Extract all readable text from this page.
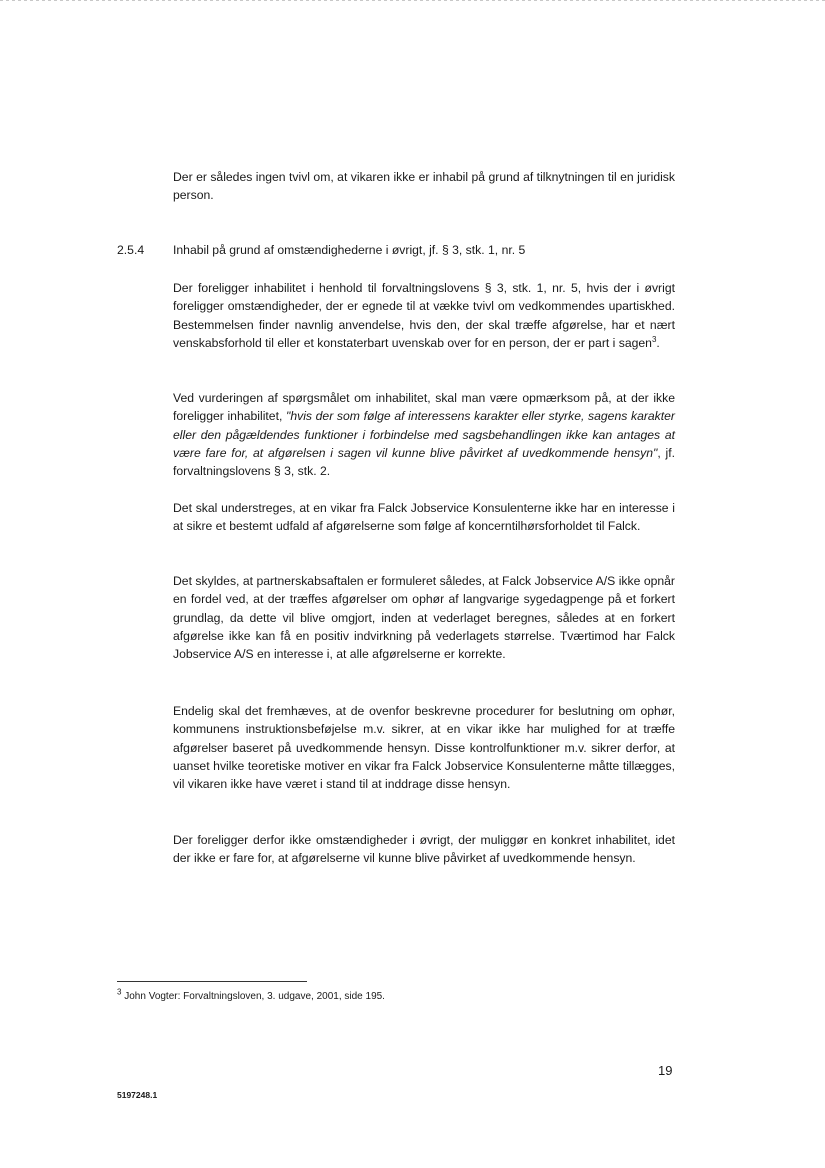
Der er således ingen tvivl om, at vikaren ikke er inhabil på grund af tilknytningen til en juridisk person.

2.5.4 Inhabil på grund af omstændighederne i øvrigt, jf. § 3, stk. 1, nr. 5

Der foreligger inhabilitet i henhold til forvaltningslovens § 3, stk. 1, nr. 5, hvis der i øvrigt foreligger omstændigheder, der er egnede til at vække tvivl om vedkommendes upartiskhed. Bestemmelsen finder navnlig anvendelse, hvis den, der skal træffe afgørelse, har et nært venskabsforhold til eller et konstaterbart uvenskab over for en person, der er part i sagen$^3$.

Ved vurderingen af spørgsmålet om inhabilitet, skal man være opmærksom på, at der ikke foreligger inhabilitet, "hvis der som følge af interessens karakter eller styrke, sagens karakter eller den pågældendes funktioner i forbindelse med sagsbehandlingen ikke kan antages at være fare for, at afgørelsen i sagen vil kunne blive påvirket af uvedkommende hensyn", jf. forvaltningslovens § 3, stk. 2.

Det skal understreges, at en vikar fra Falck Jobservice Konsulenterne ikke har en interesse i at sikre et bestemt udfald af afgørelserne som følge af koncerntilhørsforholdet til Falck.

Det skyldes, at partnerskabsaftalen er formuleret således, at Falck Jobservice A/S ikke opnår en fordel ved, at der træffes afgørelser om ophør af langvarige sygedagpenge på et forkert grundlag, da dette vil blive omgjort, inden at vederlaget beregnes, således at en forkert afgørelse ikke kan få en positiv indvirkning på vederlagets størrelse. Tværtimod har Falck Jobservice A/S en interesse i, at alle afgørelserne er korrekte.

Endelig skal det fremhæves, at de ovenfor beskrevne procedurer for beslutning om ophør, kommunens instruktionsbeføjelse m.v. sikrer, at en vikar ikke har mulighed for at træffe afgørelser baseret på uvedkommende hensyn. Disse kontrolfunktioner m.v. sikrer derfor, at uanset hvilke teoretiske motiver en vikar fra Falck Jobservice Konsulenterne måtte tillægges, vil vikaren ikke have været i stand til at inddrage disse hensyn.

Der foreligger derfor ikke omstændigheder i øvrigt, der muliggør en konkret inhabilitet, idet der ikke er fare for, at afgørelserne vil kunne blive påvirket af uvedkommende hensyn.

$^3$ John Vogter: Forvaltningsloven, 3. udgave, 2001, side 195.
19
5197248.1
